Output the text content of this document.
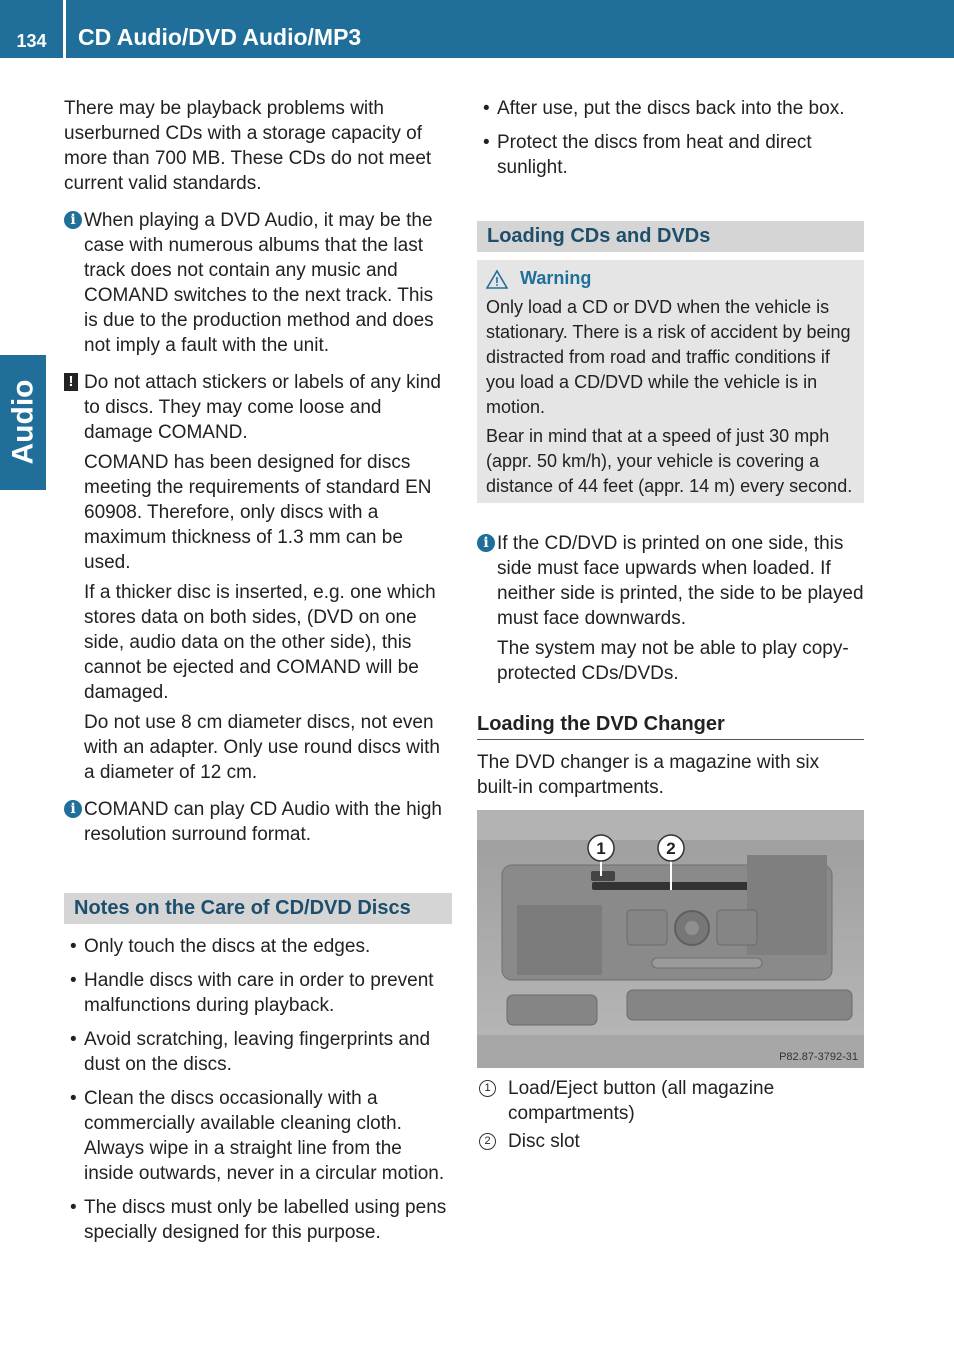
134	CD Audio/DVD Audio/MP3
Audio

There may be playback problems with userburned CDs with a storage capacity of more than 700 MB. These CDs do not meet current valid standards.

i When playing a DVD Audio, it may be the case with numerous albums that the last track does not contain any music and COMAND switches to the next track. This is due to the production method and does not imply a fault with the unit.

! Do not attach stickers or labels of any kind to discs. They may come loose and damage COMAND.

COMAND has been designed for discs meeting the requirements of standard EN 60908. Therefore, only discs with a maximum thickness of 1.3 mm can be used.

If a thicker disc is inserted, e.g. one which stores data on both sides, (DVD on one side, audio data on the other side), this cannot be ejected and COMAND will be damaged.

Do not use 8 cm diameter discs, not even with an adapter. Only use round discs with a diameter of 12 cm.

i COMAND can play CD Audio with the high resolution surround format.

Notes on the Care of CD/DVD Discs
• Only touch the discs at the edges.
• Handle discs with care in order to prevent malfunctions during playback.
• Avoid scratching, leaving fingerprints and dust on the discs.
• Clean the discs occasionally with a commercially available cleaning cloth. Always wipe in a straight line from the inside outwards, never in a circular motion.
• The discs must only be labelled using pens specially designed for this purpose.
• After use, put the discs back into the box.
• Protect the discs from heat and direct sunlight.
Loading CDs and DVDs
Warning

Only load a CD or DVD when the vehicle is stationary. There is a risk of accident by being distracted from road and traffic conditions if you load a CD/DVD while the vehicle is in motion.

Bear in mind that at a speed of just 30 mph (appr. 50 km/h), your vehicle is covering a distance of 44 feet (appr. 14 m) every second.

i If the CD/DVD is printed on one side, this side must face upwards when loaded. If neither side is printed, the side to be played must face downwards.

The system may not be able to play copy-protected CDs/DVDs.

Loading the DVD Changer

The DVD changer is a magazine with six built-in compartments.

1	2
P82.87-3792-31
1 Load/Eject button (all magazine compartments)

2 Disc slot
